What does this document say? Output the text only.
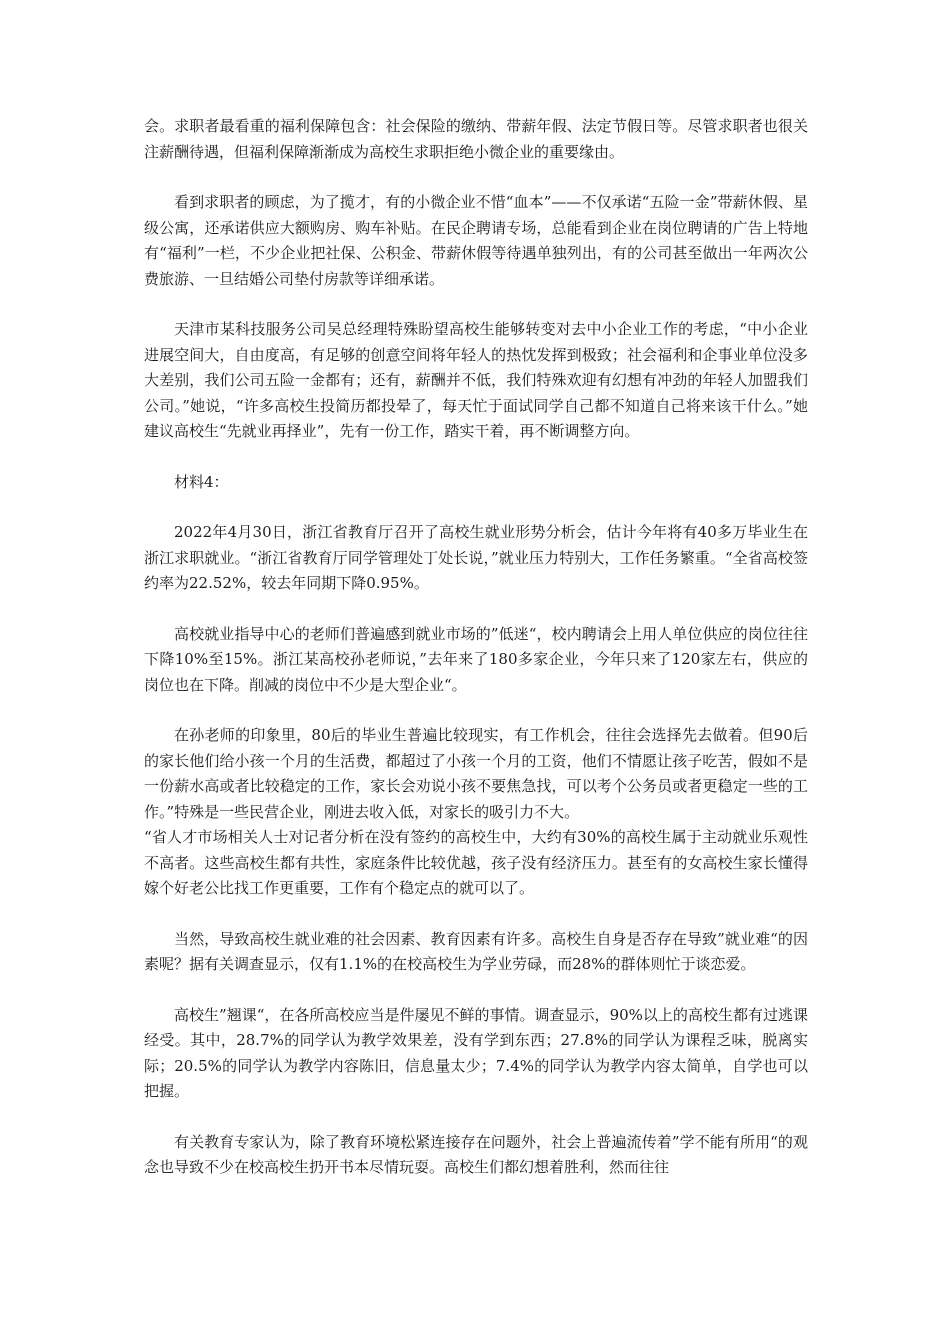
会。求职者最看重的福利保障包含：社会保险的缴纳、带薪年假、法定节假日等。尽管求职者也很关注薪酬待遇，但福利保障渐渐成为高校生求职拒绝小微企业的重要缘由。

看到求职者的顾虑，为了揽才，有的小微企业不惜“血本”——不仅承诺“五险一金”带薪休假、星级公寓，还承诺供应大额购房、购车补贴。在民企聘请专场，总能看到企业在岗位聘请的广告上特地有“福利”一栏，不少企业把社保、公积金、带薪休假等待遇单独列出，有的公司甚至做出一年两次公费旅游、一旦结婚公司垫付房款等详细承诺。

天津市某科技服务公司吴总经理特殊盼望高校生能够转变对去中小企业工作的考虑，“中小企业进展空间大，自由度高，有足够的创意空间将年轻人的热忱发挥到极致；社会福利和企事业单位没多大差别，我们公司五险一金都有；还有，薪酬并不低，我们特殊欢迎有幻想有冲劲的年轻人加盟我们公司。”她说，“许多高校生投简历都投晕了，每天忙于面试同学自己都不知道自己将来该干什么。”她建议高校生“先就业再择业”，先有一份工作，踏实干着，再不断调整方向。

材料4：

2022年4月30日，浙江省教育厅召开了高校生就业形势分析会，估计今年将有40多万毕业生在浙江求职就业。“浙江省教育厅同学管理处丁处长说，”就业压力特别大，工作任务繁重。“全省高校签约率为22.52%，较去年同期下降0.95%。

高校就业指导中心的老师们普遍感到就业市场的”低迷“，校内聘请会上用人单位供应的岗位往往下降10%至15%。浙江某高校孙老师说，”去年来了180多家企业，今年只来了120家左右，供应的岗位也在下降。削减的岗位中不少是大型企业“。

在孙老师的印象里，80后的毕业生普遍比较现实，有工作机会，往往会选择先去做着。但90后的家长他们给小孩一个月的生活费，都超过了小孩一个月的工资，他们不情愿让孩子吃苦，假如不是一份薪水高或者比较稳定的工作，家长会劝说小孩不要焦急找，可以考个公务员或者更稳定一些的工作。”特殊是一些民营企业，刚进去收入低，对家长的吸引力不大。

“省人才市场相关人士对记者分析在没有签约的高校生中，大约有30%的高校生属于主动就业乐观性不高者。这些高校生都有共性，家庭条件比较优越，孩子没有经济压力。甚至有的女高校生家长懂得嫁个好老公比找工作更重要，工作有个稳定点的就可以了。

当然，导致高校生就业难的社会因素、教育因素有许多。高校生自身是否存在导致”就业难“的因素呢？据有关调查显示，仅有1.1%的在校高校生为学业劳碌，而28%的群体则忙于谈恋爱。

高校生”翘课“，在各所高校应当是件屡见不鲜的事情。调查显示，90%以上的高校生都有过逃课经受。其中，28.7%的同学认为教学效果差，没有学到东西；27.8%的同学认为课程乏味，脱离实际；20.5%的同学认为教学内容陈旧，信息量太少；7.4%的同学认为教学内容太简单，自学也可以把握。

有关教育专家认为，除了教育环境松紧连接存在问题外，社会上普遍流传着”学不能有所用“的观念也导致不少在校高校生扔开书本尽情玩耍。高校生们都幻想着胜利，然而往往
